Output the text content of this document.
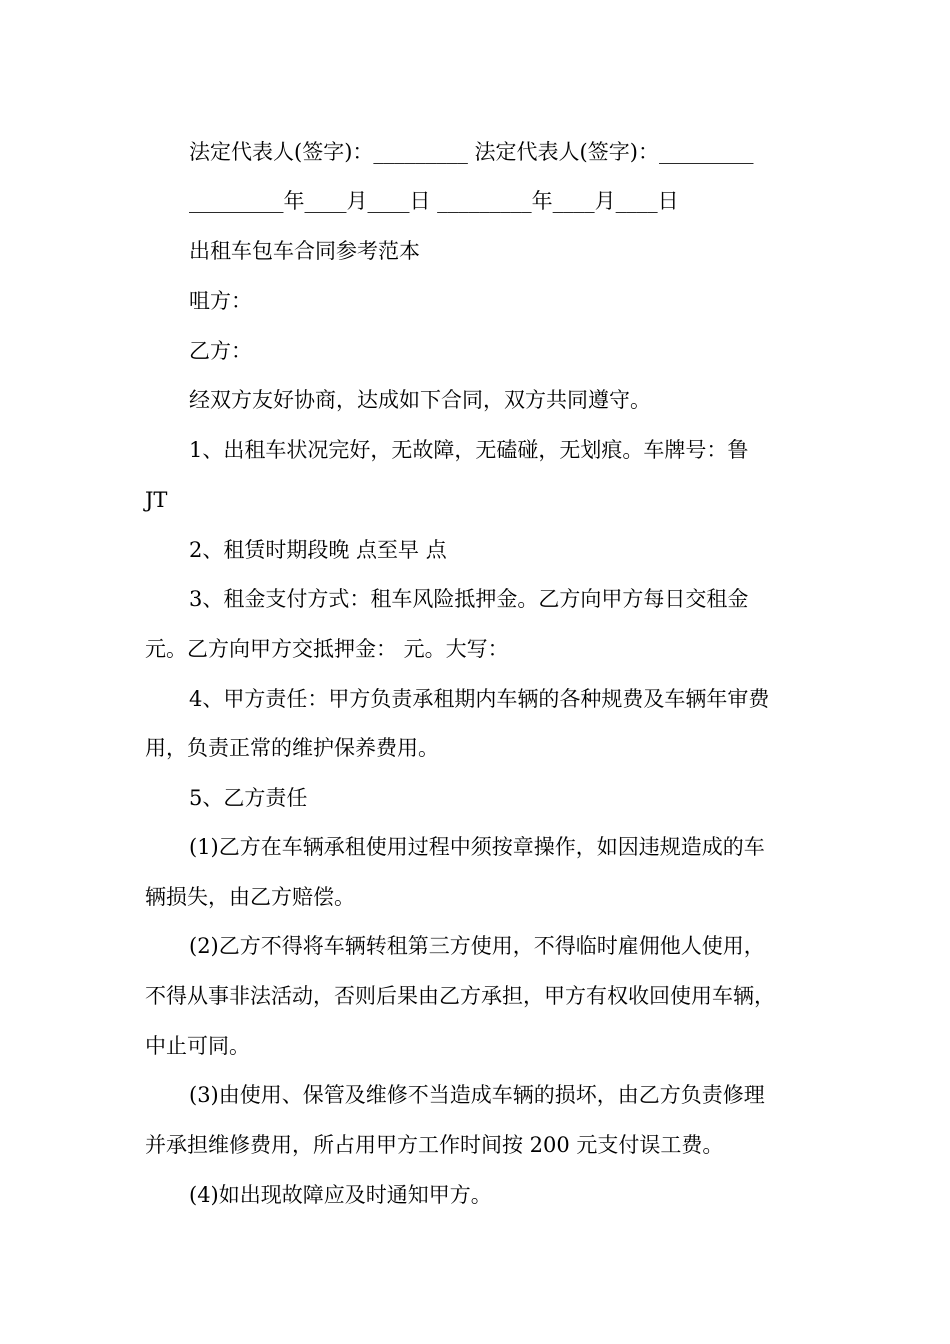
法定代表人(签字)：_________ 法定代表人(签字)：_________
_________年____月____日 _________年____月____日
出租车包车合同参考范本
咀方：
乙方：
经双方友好协商，达成如下合同，双方共同遵守。
1、出租车状况完好，无故障，无磕碰，无划痕。车牌号：鲁
JT
2、租赁时期段晚 点至早 点
3、租金支付方式：租车风险抵押金。乙方向甲方每日交租金
元。乙方向甲方交抵押金： 元。大写：
4、甲方责任：甲方负责承租期内车辆的各种规费及车辆年审费
用，负责正常的维护保养费用。
5、乙方责任
(1)乙方在车辆承租使用过程中须按章操作，如因违规造成的车
辆损失，由乙方赔偿。
(2)乙方不得将车辆转租第三方使用，不得临时雇佣他人使用，
不得从事非法活动，否则后果由乙方承担，甲方有权收回使用车辆，
中止可同。
(3)由使用、保管及维修不当造成车辆的损坏，由乙方负责修理
并承担维修费用，所占用甲方工作时间按 200 元支付误工费。
(4)如出现故障应及时通知甲方。
